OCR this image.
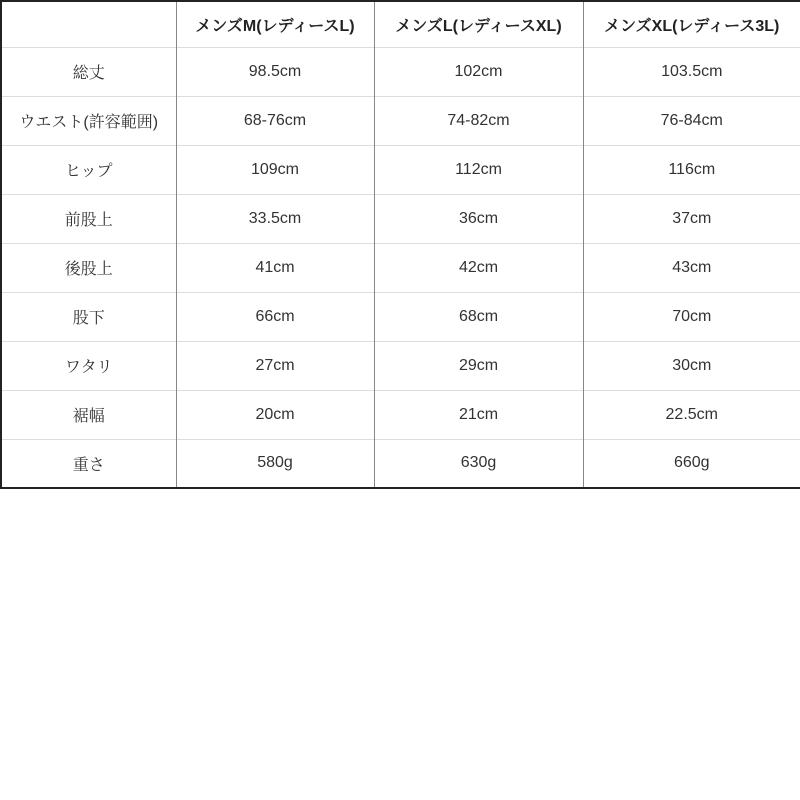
	メンズM(レディースL)	メンズL(レディースXL)	メンズXL(レディース3L)
総丈	98.5cm	102cm	103.5cm
ウエスト(許容範囲)	68-76cm	74-82cm	76-84cm
ヒップ	109cm	112cm	116cm
前股上	33.5cm	36cm	37cm
後股上	41cm	42cm	43cm
股下	66cm	68cm	70cm
ワタリ	27cm	29cm	30cm
裾幅	20cm	21cm	22.5cm
重さ	580g	630g	660g
